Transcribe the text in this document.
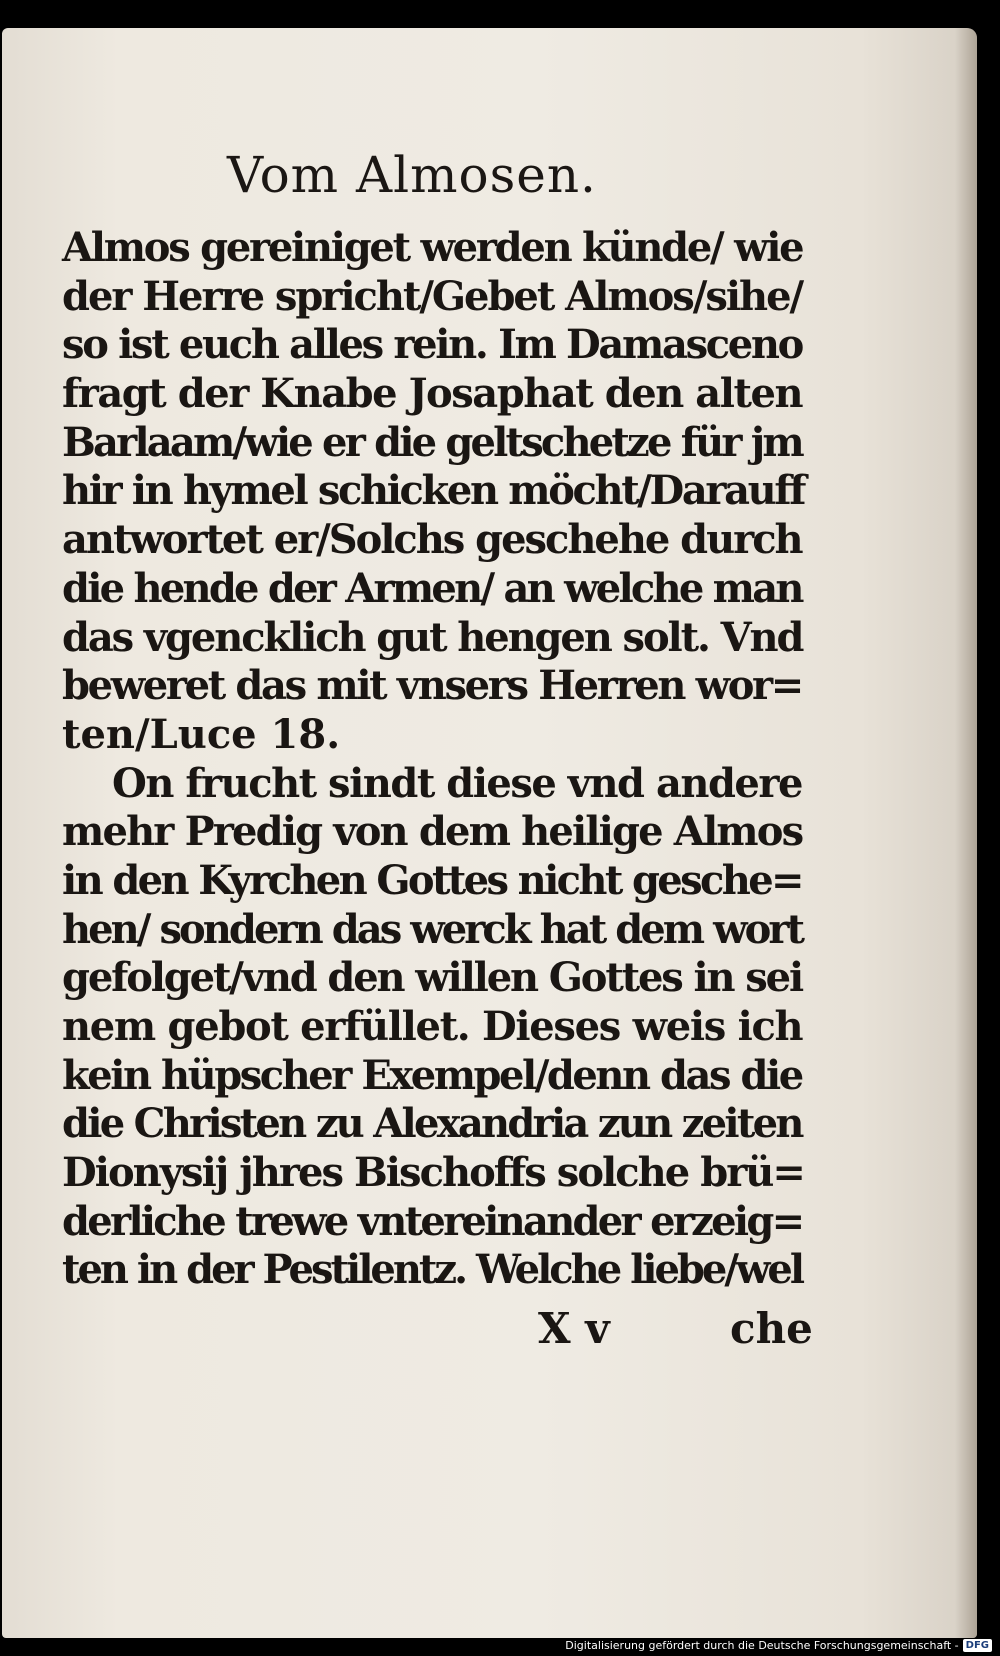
Vom Almosen.
Almos gereiniget werden künde/ wie
der Herre spricht/Gebet Almos/sihe/
so ist euch alles rein. Im Damasceno
fragt der Knabe Josaphat den alten
Barlaam/wie er die geltschetze für jm
hir in hymel schicken möcht/Darauff
antwortet er/Solchs geschehe durch
die hende der Armen/ an welche man
das vgencklich gut hengen solt. Vnd
beweret das mit vnsers Herren wor=
ten/Luce 18.
On frucht sindt diese vnd andere
mehr Predig von dem heilige Almos
in den Kyrchen Gottes nicht gesche=
hen/ sondern das werck hat dem wort
gefolget/vnd den willen Gottes in sei
nem gebot erfüllet. Dieses weis ich
kein hüpscher Exempel/denn das die
die Christen zu Alexandria zun zeiten
Dionysij jhres Bischoffs solche brü=
derliche trewe vntereinander erzeig=
ten in der Pestilentz. Welche liebe/wel
X v	che
Digitalisierung gefördert durch die Deutsche Forschungsgemeinschaft - DFG
